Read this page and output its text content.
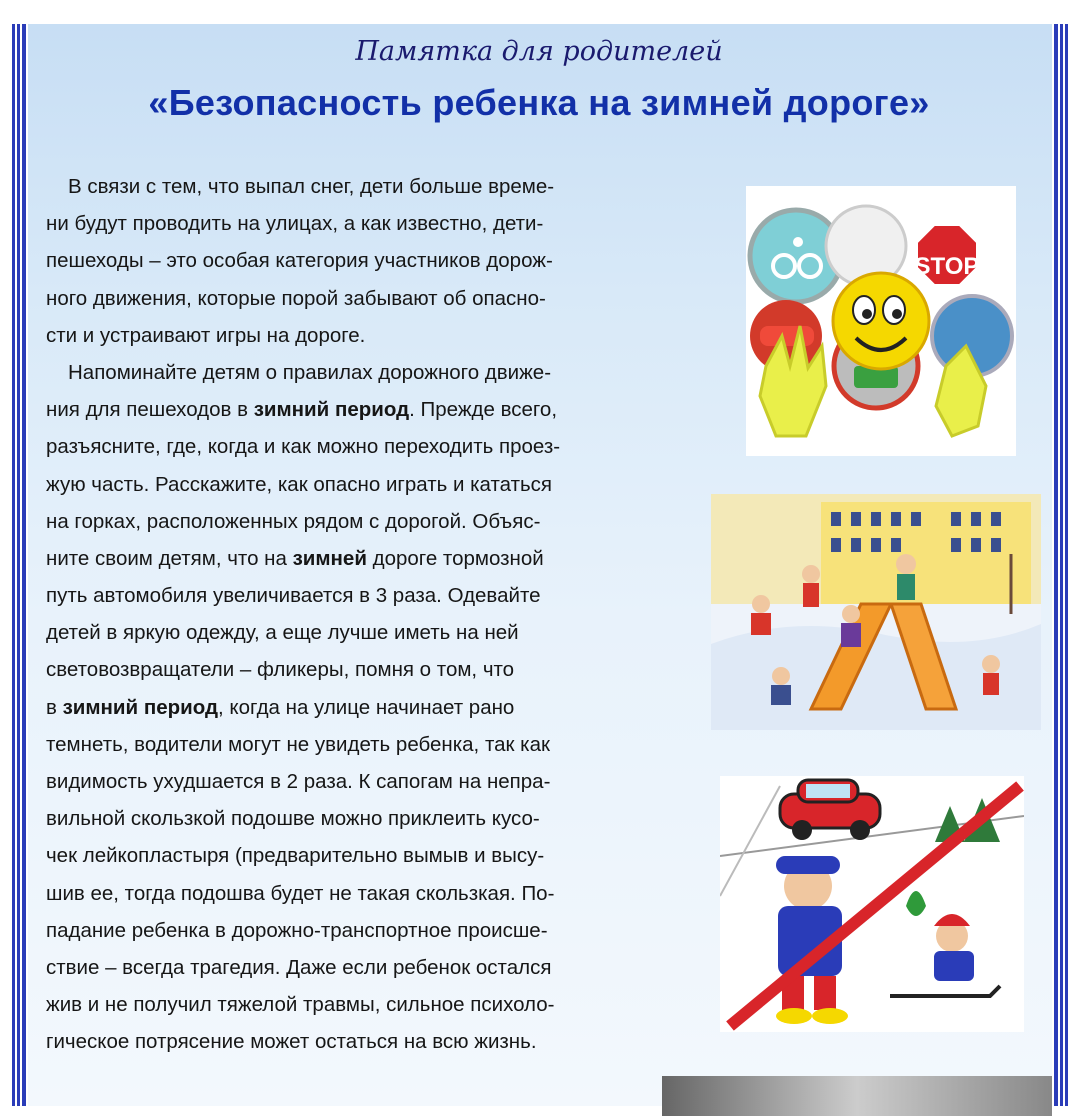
Памятка для родителей
«Безопасность ребенка на зимней дороге»
В связи с тем, что выпал снег, дети больше време-
ни будут проводить на улицах, а как известно, дети-
пешеходы – это особая категория участников дорож-
ного движения, которые порой забывают об опасно-
сти и устраивают игры на дороге.
Напоминайте детям о правилах дорожного движе-
ния для пешеходов в зимний период. Прежде всего,
разъясните, где, когда и как можно переходить проез-
жую часть. Расскажите, как опасно играть и кататься
на горках, расположенных рядом с дорогой. Объяс-
ните своим детям, что на зимней дороге тормозной
путь автомобиля увеличивается в 3 раза. Одевайте
детей в яркую одежду, а еще лучше иметь на ней
световозвращатели – фликеры, помня о том, что
в зимний период, когда на улице начинает рано
темнеть, водители могут не увидеть ребенка, так как
видимость ухудшается в 2 раза. К сапогам на непра-
вильной скользкой подошве можно приклеить кусо-
чек лейкопластыря (предварительно вымыв и высу-
шив ее, тогда подошва будет не такая скользкая. По-
падание ребенка в дорожно-транспортное происше-
ствие – всегда трагедия. Даже если ребенок остался
жив и не получил тяжелой травмы, сильное психоло-
гическое потрясение может остаться на всю жизнь.
STOP
